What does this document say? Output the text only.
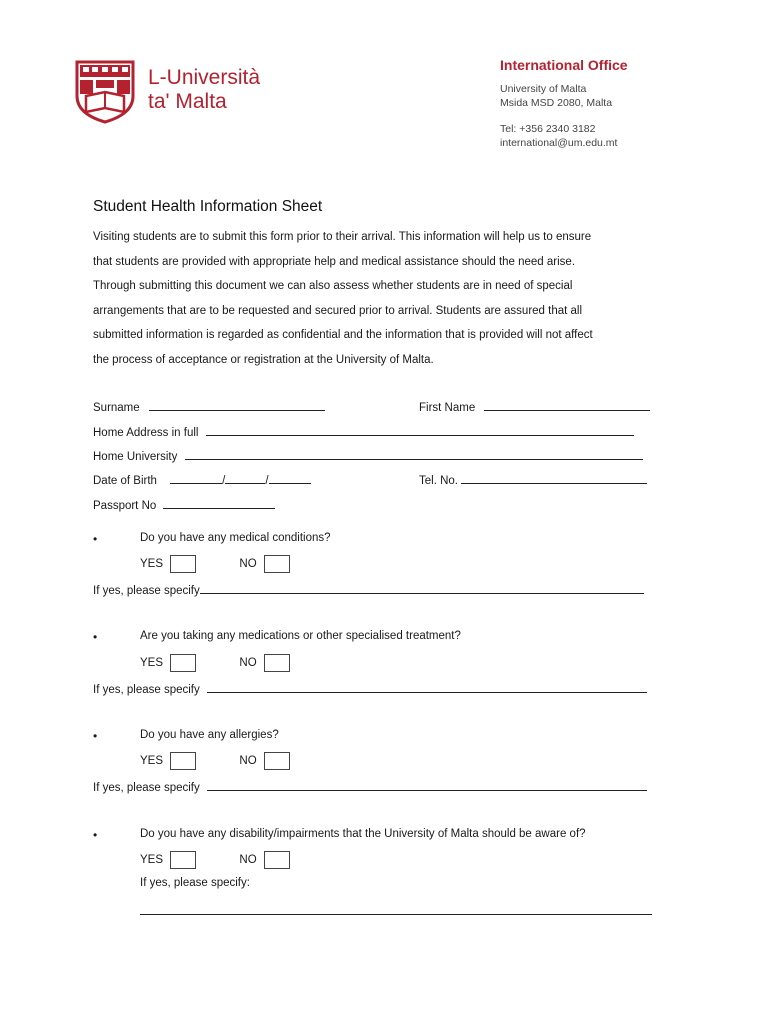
L-Università
ta' Malta
International Office
University of Malta
Msida MSD 2080, Malta
Tel: +356 2340 3182
international@um.edu.mt
Student Health Information Sheet
Visiting students are to submit this form prior to their arrival. This information will help us to ensure
that students are provided with appropriate help and medical assistance should the need arise.
Through submitting this document we can also assess whether students are in need of special
arrangements that are to be requested and secured prior to arrival. Students are assured that all
submitted information is regarded as confidential and the information that is provided will not affect
the process of acceptance or registration at the University of Malta.
Surname	First Name
Home Address in full
Home University
Date of Birth	/	/	Tel. No.
Passport No
•	Do you have any medical conditions?
YES	NO
If yes, please specify
•	Are you taking any medications or other specialised treatment?
YES	NO
If yes, please specify
•	Do you have any allergies?
YES	NO
If yes, please specify
•	Do you have any disability/impairments that the University of Malta should be aware of?
YES	NO
If yes, please specify:
